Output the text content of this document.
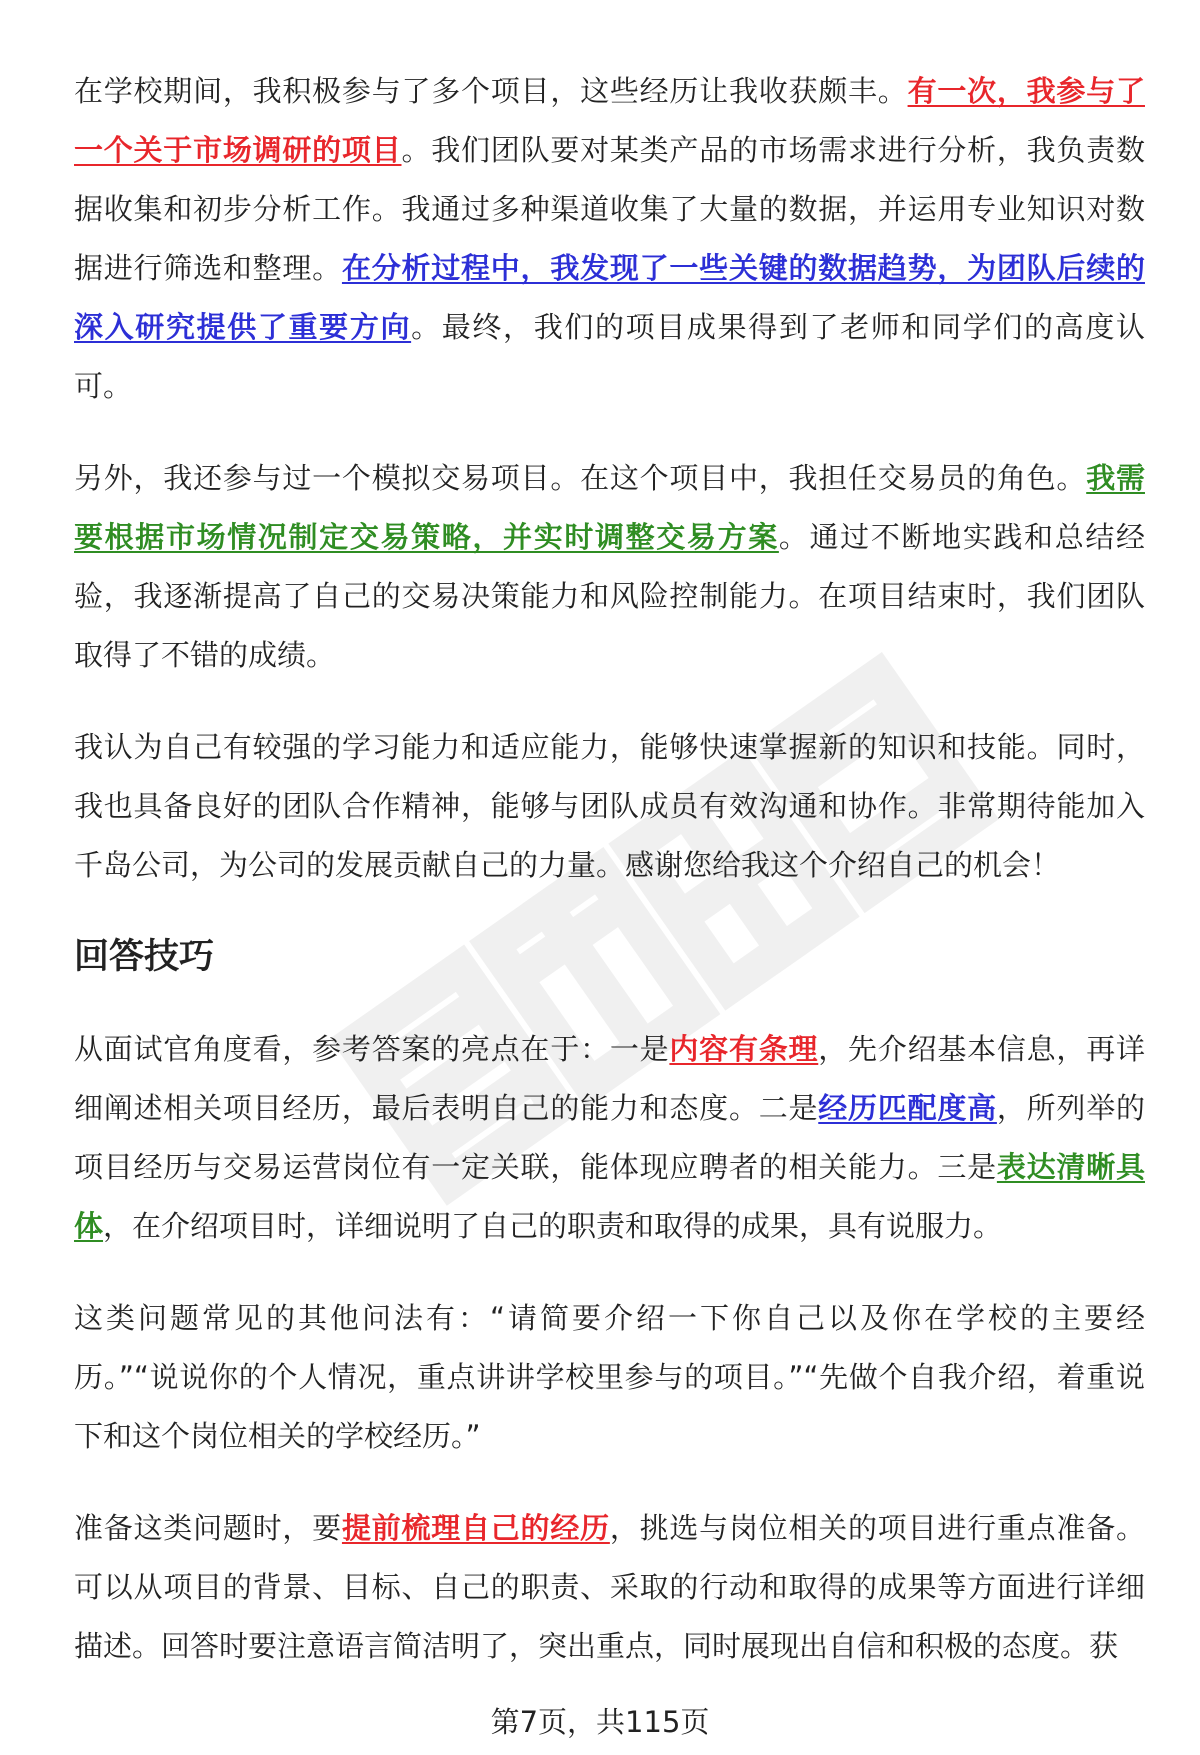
在学校期间，我积极参与了多个项目，这些经历让我收获颇丰。有一次，我参与了一个关于市场调研的项目。我们团队要对某类产品的市场需求进行分析，我负责数据收集和初步分析工作。我通过多种渠道收集了大量的数据，并运用专业知识对数据进行筛选和整理。在分析过程中，我发现了一些关键的数据趋势，为团队后续的深入研究提供了重要方向。最终，我们的项目成果得到了老师和同学们的高度认可。

另外，我还参与过一个模拟交易项目。在这个项目中，我担任交易员的角色。我需要根据市场情况制定交易策略，并实时调整交易方案。通过不断地实践和总结经验，我逐渐提高了自己的交易决策能力和风险控制能力。在项目结束时，我们团队取得了不错的成绩。

我认为自己有较强的学习能力和适应能力，能够快速掌握新的知识和技能。同时，我也具备良好的团队合作精神，能够与团队成员有效沟通和协作。非常期待能加入千岛公司，为公司的发展贡献自己的力量。感谢您给我这个介绍自己的机会！

回答技巧

从面试官角度看，参考答案的亮点在于：一是内容有条理，先介绍基本信息，再详细阐述相关项目经历，最后表明自己的能力和态度。二是经历匹配度高，所列举的项目经历与交易运营岗位有一定关联，能体现应聘者的相关能力。三是表达清晰具体，在介绍项目时，详细说明了自己的职责和取得的成果，具有说服力。

这类问题常见的其他问法有：“请简要介绍一下你自己以及你在学校的主要经历。”“说说你的个人情况，重点讲讲学校里参与的项目。”“先做个自我介绍，着重说下和这个岗位相关的学校经历。”

准备这类问题时，要提前梳理自己的经历，挑选与岗位相关的项目进行重点准备。可以从项目的背景、目标、自己的职责、采取的行动和取得的成果等方面进行详细描述。回答时要注意语言简洁明了，突出重点，同时展现出自信和积极的态度。获

第7页，共115页
